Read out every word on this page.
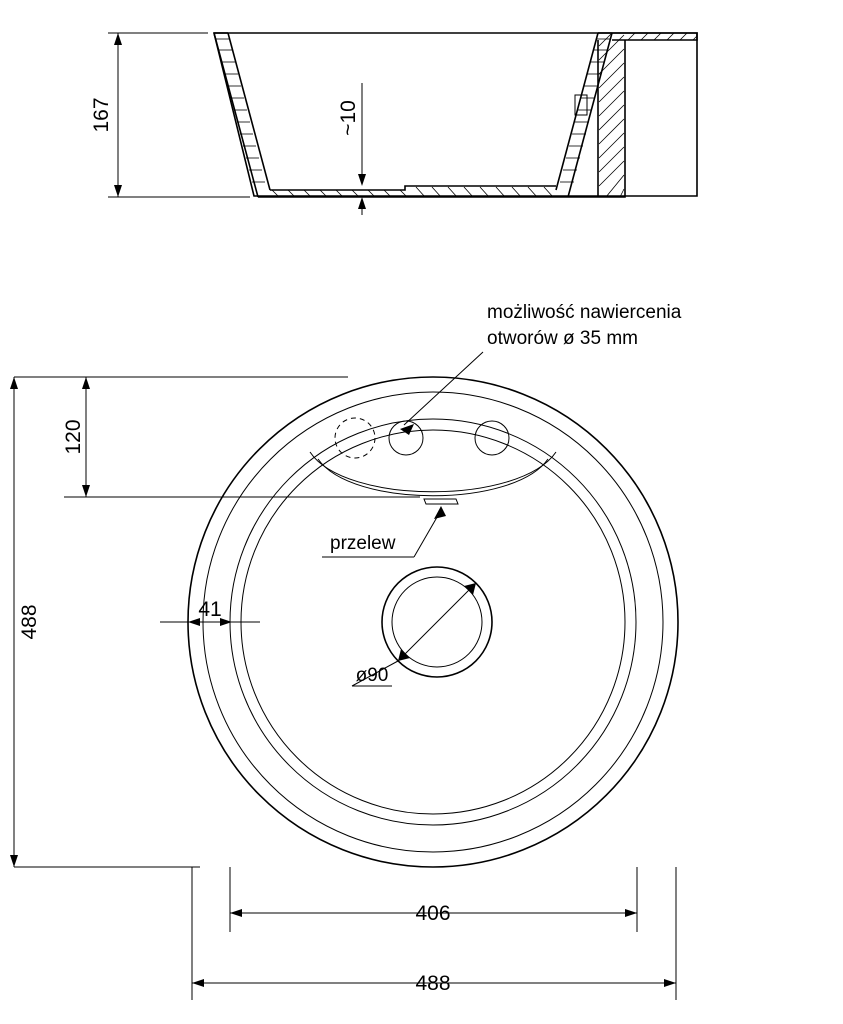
167	~10
ø90
możliwość nawiercenia
otworów ø 35 mm
przelew
120
488	41
406
488
